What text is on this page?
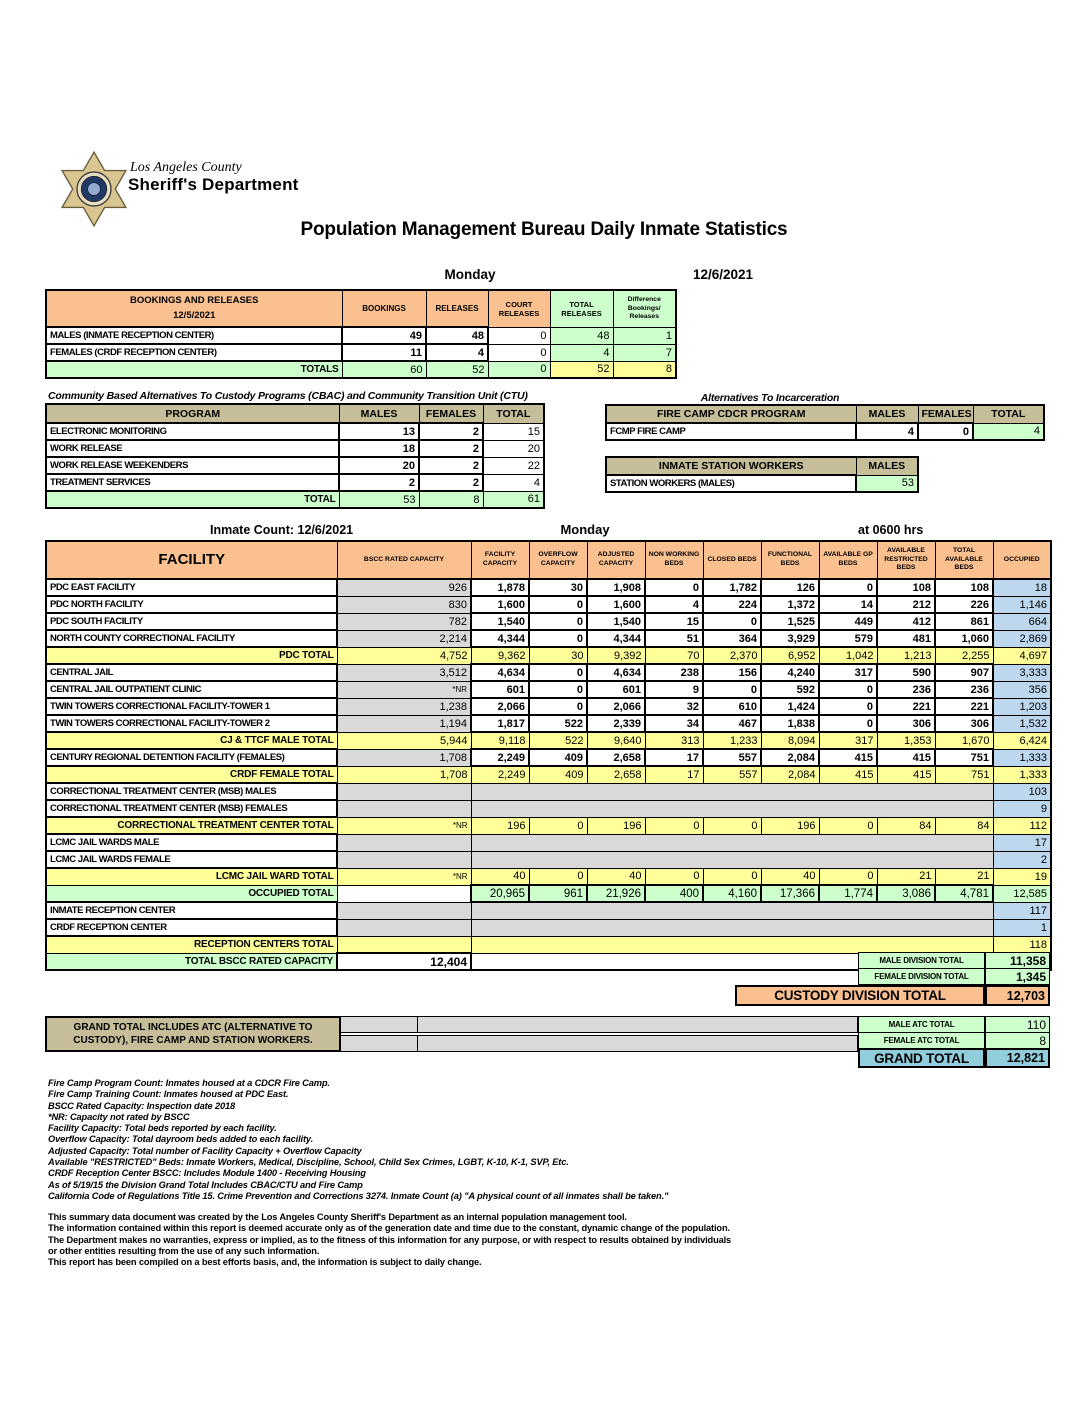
Los Angeles County
Sheriff's Department
Population Management Bureau Daily Inmate Statistics
Monday	12/6/2021
BOOKINGS AND RELEASES
12/5/2021	BOOKINGS	RELEASES	COURT RELEASES	TOTAL RELEASES	Difference Bookings/ Releases
MALES (INMATE RECEPTION CENTER)	49	48	0	48	1
FEMALES (CRDF RECEPTION CENTER)	11	4	0	4	7
TOTALS	60	52	0	52	8
Community Based Alternatives To Custody Programs (CBAC) and Community Transition Unit (CTU)
PROGRAM	MALES	FEMALES	TOTAL
ELECTRONIC MONITORING	13	2	15
WORK RELEASE	18	2	20
WORK RELEASE WEEKENDERS	20	2	22
TREATMENT SERVICES	2	2	4
TOTAL	53	8	61
Alternatives To Incarceration
FIRE CAMP CDCR PROGRAM	MALES	FEMALES	TOTAL
FCMP FIRE CAMP	4	0	4
INMATE STATION WORKERS	MALES
STATION WORKERS (MALES)	53
Inmate Count: 12/6/2021	Monday	at 0600 hrs
FACILITY	BSCC RATED CAPACITY	FACILITY CAPACITY	OVERFLOW CAPACITY	ADJUSTED CAPACITY	NON WORKING BEDS	CLOSED BEDS	FUNCTIONAL BEDS	AVAILABLE GP BEDS	AVAILABLE RESTRICTED BEDS	TOTAL AVAILABLE BEDS	OCCUPIED
PDC EAST FACILITY	926	1,878	30	1,908	0	1,782	126	0	108	108	18
PDC NORTH FACILITY	830	1,600	0	1,600	4	224	1,372	14	212	226	1,146
PDC SOUTH FACILITY	782	1,540	0	1,540	15	0	1,525	449	412	861	664
NORTH COUNTY CORRECTIONAL FACILITY	2,214	4,344	0	4,344	51	364	3,929	579	481	1,060	2,869
PDC TOTAL	4,752	9,362	30	9,392	70	2,370	6,952	1,042	1,213	2,255	4,697
CENTRAL JAIL	3,512	4,634	0	4,634	238	156	4,240	317	590	907	3,333
CENTRAL JAIL OUTPATIENT CLINIC	*NR	601	0	601	9	0	592	0	236	236	356
TWIN TOWERS CORRECTIONAL FACILITY-TOWER 1	1,238	2,066	0	2,066	32	610	1,424	0	221	221	1,203
TWIN TOWERS CORRECTIONAL FACILITY-TOWER 2	1,194	1,817	522	2,339	34	467	1,838	0	306	306	1,532
CJ & TTCF MALE TOTAL	5,944	9,118	522	9,640	313	1,233	8,094	317	1,353	1,670	6,424
CENTURY REGIONAL DETENTION FACILITY (FEMALES)	1,708	2,249	409	2,658	17	557	2,084	415	415	751	1,333
CRDF FEMALE TOTAL	1,708	2,249	409	2,658	17	557	2,084	415	415	751	1,333
CORRECTIONAL TREATMENT CENTER (MSB) MALES											103
CORRECTIONAL TREATMENT CENTER (MSB) FEMALES											9
CORRECTIONAL TREATMENT CENTER TOTAL	*NR	196	0	196	0	0	196	0	84	84	112
LCMC JAIL WARDS MALE											17
LCMC JAIL WARDS FEMALE											2
LCMC JAIL WARD TOTAL	*NR	40	0	40	0	0	40	0	21	21	19
OCCUPIED TOTAL		20,965	961	21,926	400	4,160	17,366	1,774	3,086	4,781	12,585
INMATE RECEPTION CENTER											117
CRDF RECEPTION CENTER											1
RECEPTION CENTERS TOTAL											118
TOTAL BSCC RATED CAPACITY	12,404											MALE DIVISION TOTAL	11,358
FEMALE DIVISION TOTAL	1,345
CUSTODY DIVISION TOTAL	12,703
GRAND TOTAL INCLUDES ATC (ALTERNATIVE TO CUSTODY), FIRE CAMP AND STATION WORKERS.
MALE ATC TOTAL	110
FEMALE ATC TOTAL	8
GRAND TOTAL	12,821
Fire Camp Program Count: Inmates housed at a CDCR Fire Camp.
Fire Camp Training Count: Inmates housed at PDC East.
BSCC Rated Capacity: Inspection date 2018
*NR: Capacity not rated by BSCC
Facility Capacity: Total beds reported by each facility.
Overflow Capacity: Total dayroom beds added to each facility.
Adjusted Capacity: Total number of Facility Capacity + Overflow Capacity
Available "RESTRICTED" Beds: Inmate Workers, Medical, Discipline, School, Child Sex Crimes, LGBT, K-10, K-1, SVP, Etc.
CRDF Reception Center BSCC: Includes Module 1400 - Receiving Housing
As of 5/19/15 the Division Grand Total Includes CBAC/CTU and Fire Camp
California Code of Regulations Title 15. Crime Prevention and Corrections 3274. Inmate Count (a) "A physical count of all inmates shall be taken."
This summary data document was created by the Los Angeles County Sheriff's Department as an internal population management tool.
The information contained within this report is deemed accurate only as of the generation date and time due to the constant, dynamic change of the population.
The Department makes no warranties, express or implied, as to the fitness of this information for any purpose, or with respect to results obtained by individuals
or other entities resulting from the use of any such information.
This report has been compiled on a best efforts basis, and, the information is subject to daily change.
